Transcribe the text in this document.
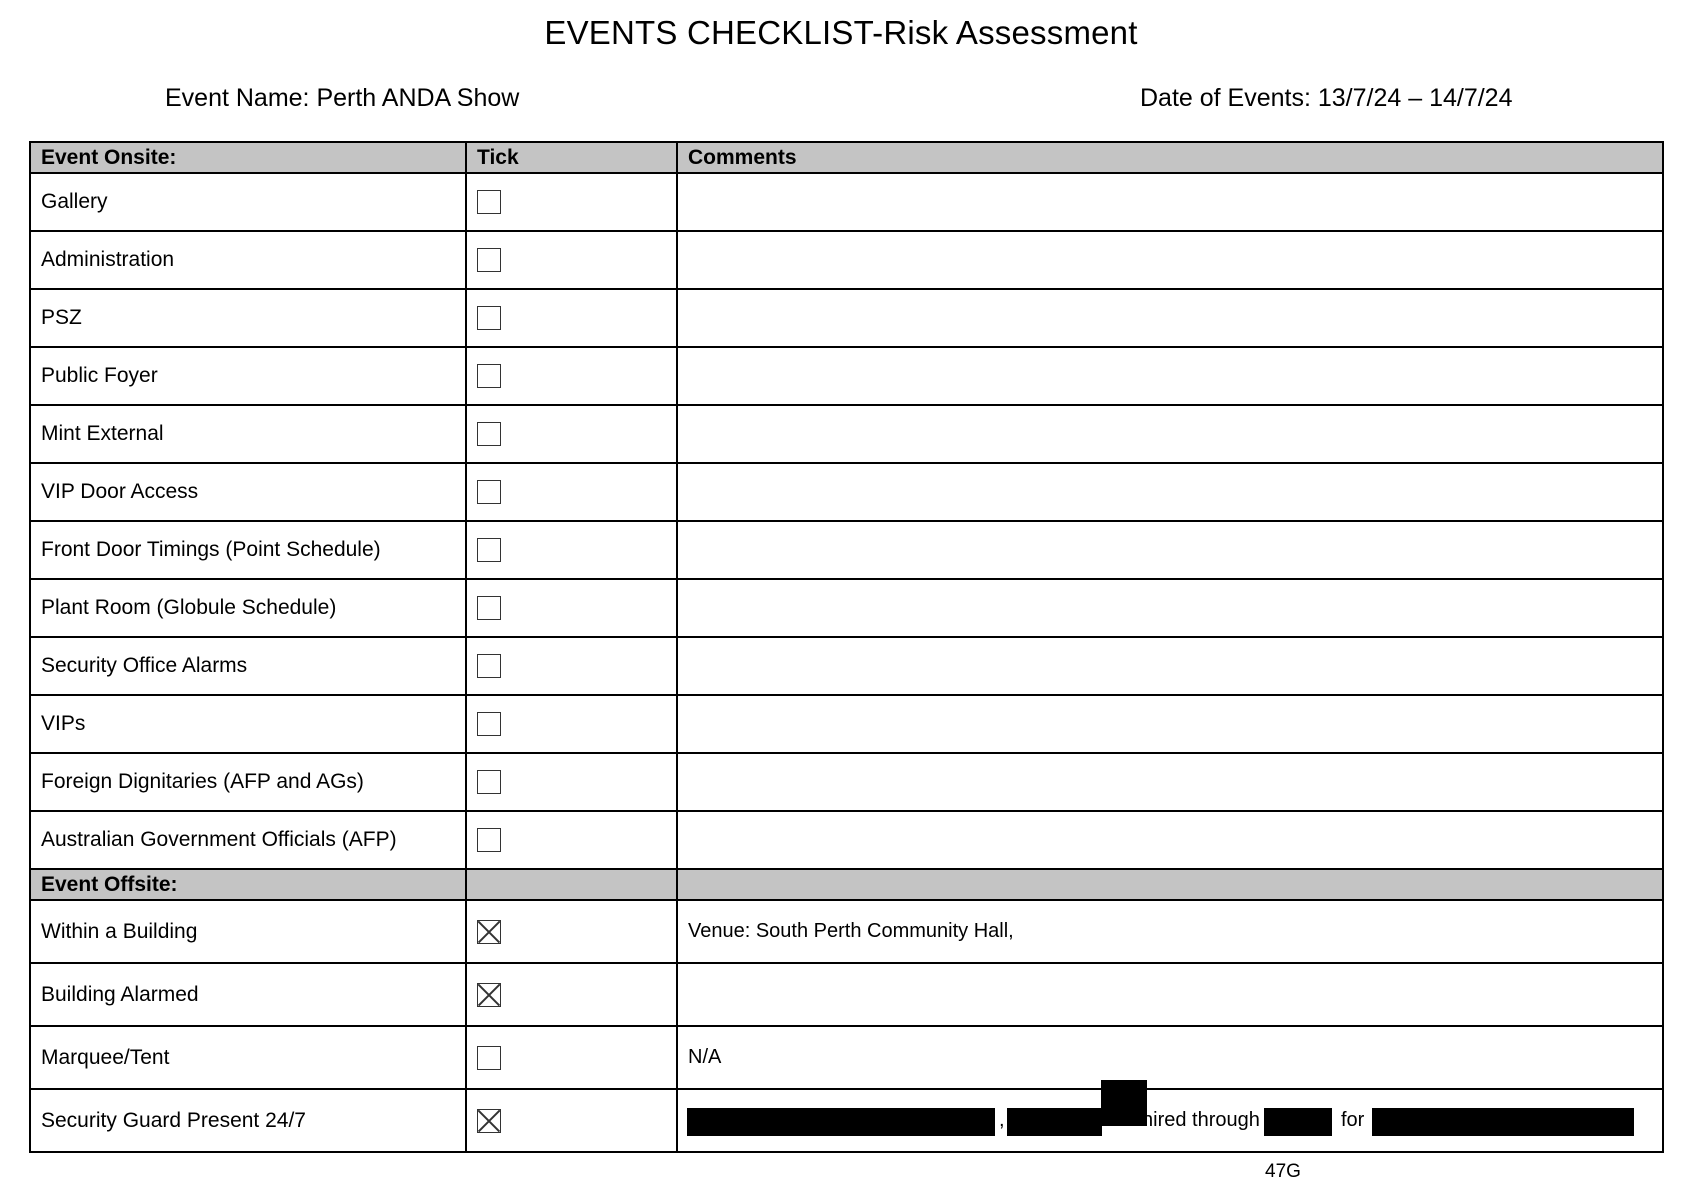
EVENTS CHECKLIST-Risk Assessment
Event Name: Perth ANDA Show	Date of Events: 13/7/24 – 14/7/24
Event Onsite:	Tick	Comments
Gallery		
Administration		
PSZ		
Public Foyer		
Mint External		
VIP Door Access		
Front Door Timings (Point Schedule)		
Plant Room (Globule Schedule)		
Security Office Alarms		
VIPs		
Foreign Dignitaries (AFP and AGs)		
Australian Government Officials (AFP)		
Event Offsite:		
Within a Building		Venue: South Perth Community Hall,
Building Alarmed		
Marquee/Tent		N/A
Security Guard Present 24/7		, hired through for
47G
